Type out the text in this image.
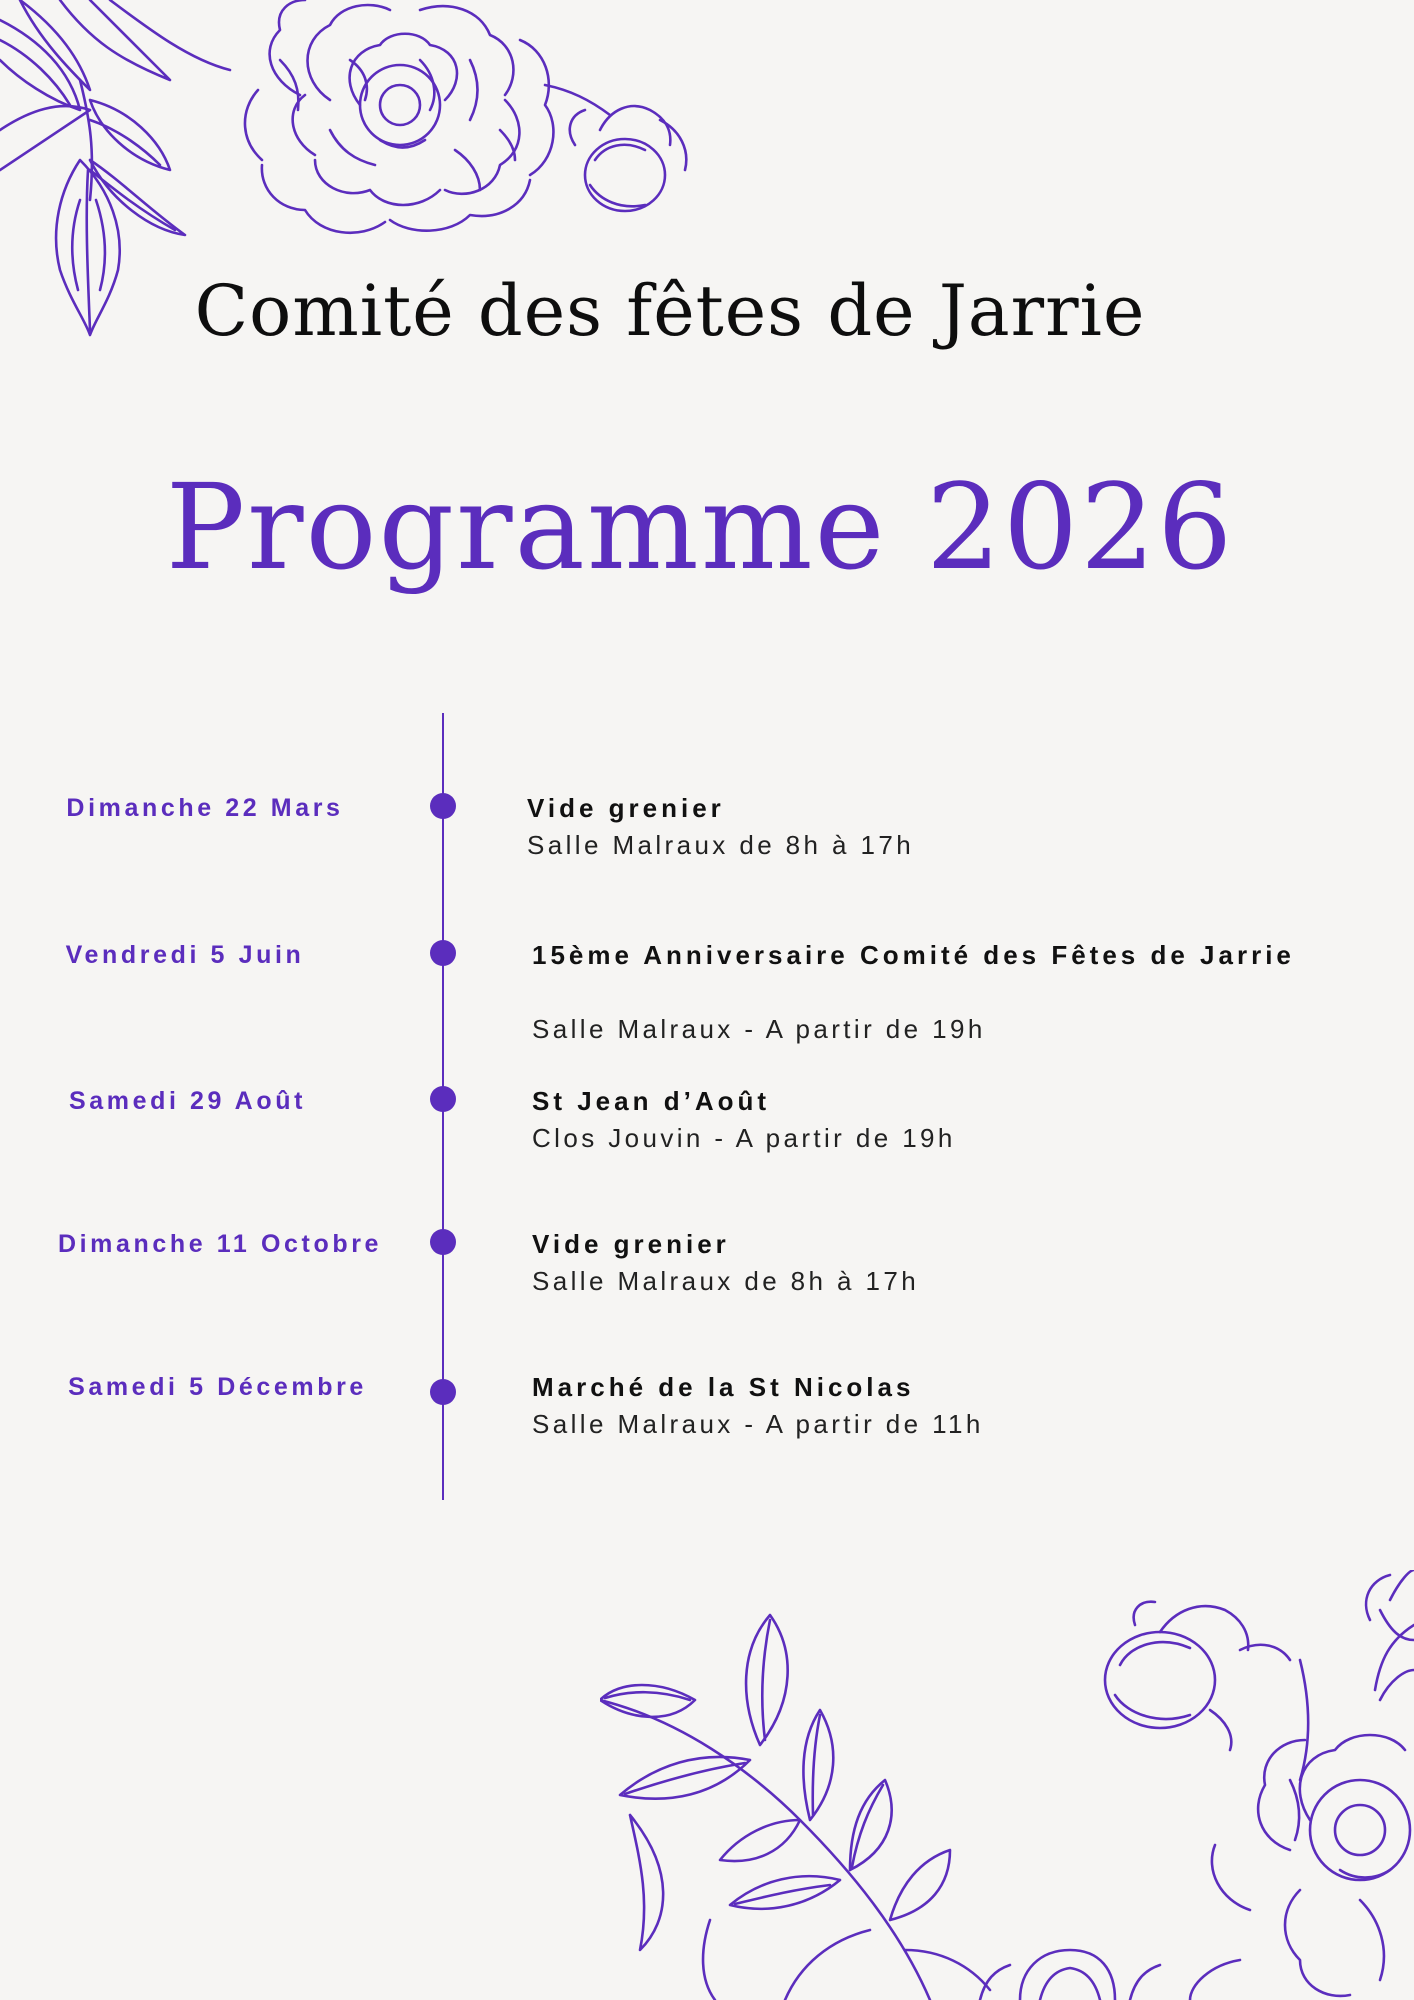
Comité des fêtes de Jarrie
Programme 2026
Dimanche 22 Mars	Vide grenier
Salle Malraux de 8h à 17h
Vendredi 5 Juin	15ème Anniversaire Comité des Fêtes de Jarrie
Salle Malraux - A partir de 19h
Samedi 29 Août	St Jean d’Août
Clos Jouvin - A partir de 19h
Dimanche 11 Octobre	Vide grenier
Salle Malraux de 8h à 17h
Samedi 5 Décembre	Marché de la St Nicolas
Salle Malraux - A partir de 11h
